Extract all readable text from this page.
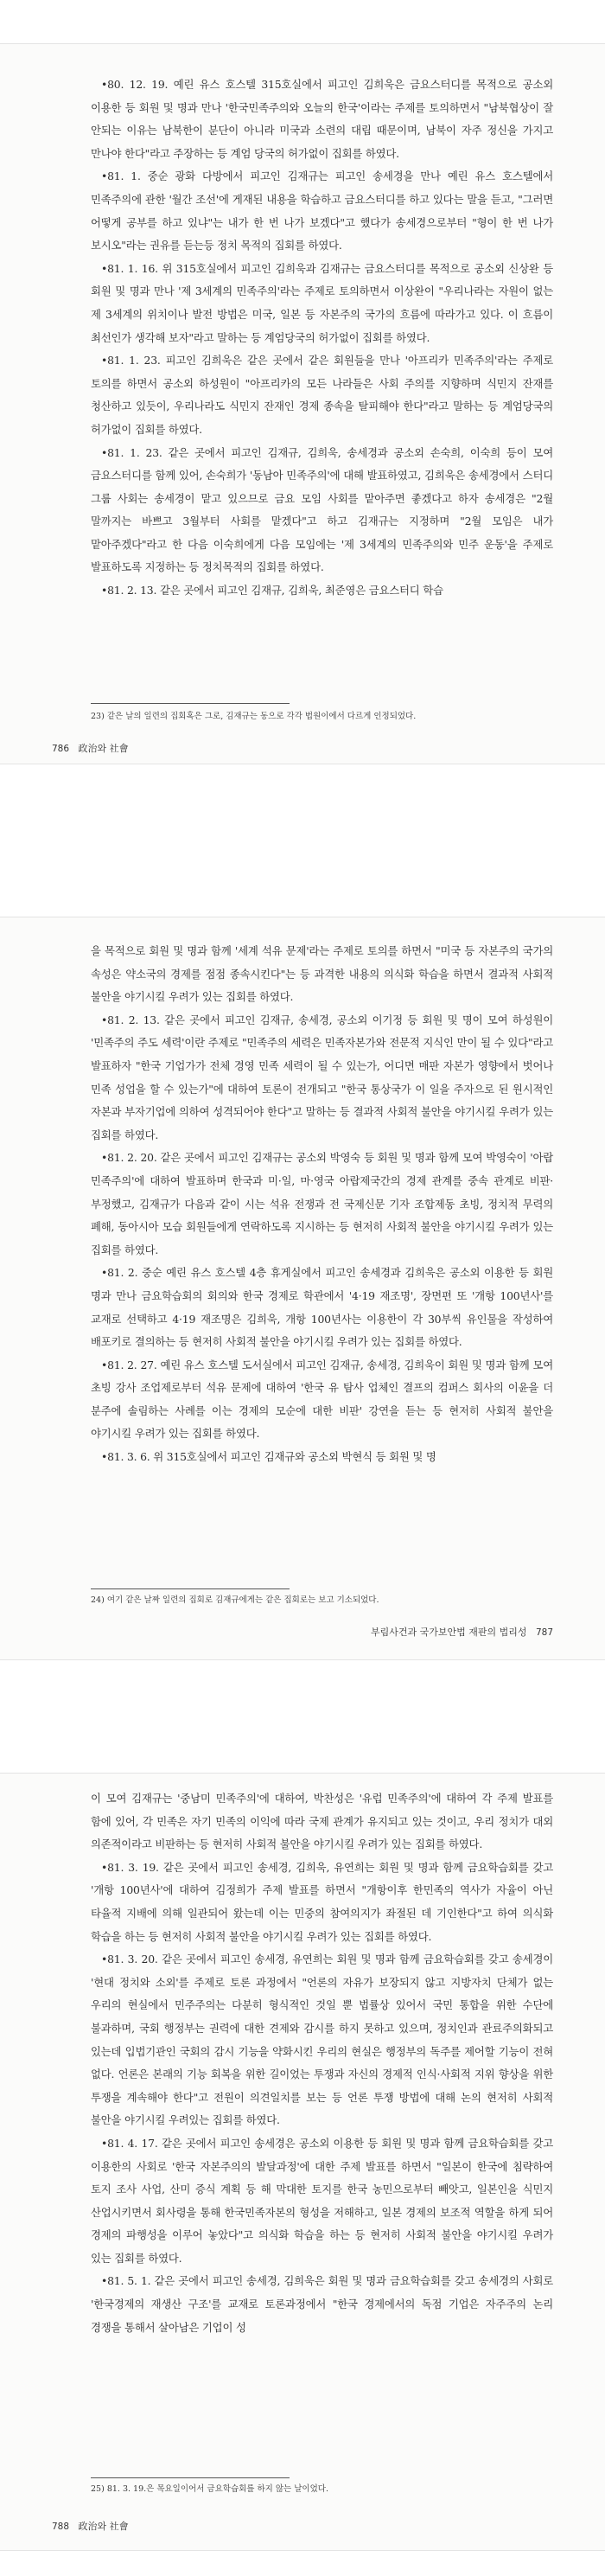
•80. 12. 19. 예린 유스 호스텔 315호실에서 피고인 김희욱은 금요스터디를 목적으로 공소외 이용한 등 회원 및 명과 만나 '한국민족주의와 오늘의 한국'이라는 주제를 토의하면서 "남북협상이 잘 안되는 이유는 남북한이 분단이 아니라 미국과 소련의 대립 때문이며, 남북이 자주 정신을 가지고 만나야 한다"라고 주장하는 등 계엄 당국의 허가없이 집회를 하였다.

•81. 1. 중순 광화 다방에서 피고인 김재규는 피고인 송세경을 만나 예린 유스 호스텔에서 민족주의에 관한 '월간 조선'에 게재된 내용을 학습하고 금요스터디를 하고 있다는 말을 듣고, "그러면 어떻게 공부를 하고 있냐"는 내가 한 번 나가 보겠다"고 했다가 송세경으로부터 "형이 한 번 나가 보시오"라는 권유를 듣는등 정치 목적의 집회를 하였다.

•81. 1. 16. 위 315호실에서 피고인 김희욱과 김재규는 금요스터디를 목적으로 공소외 신상완 등 회원 및 명과 만나 '제 3세계의 민족주의'라는 주제로 토의하면서 이상완이 "우리나라는 자원이 없는 제 3세계의 위치이나 발전 방법은 미국, 일본 등 자본주의 국가의 흐름에 따라가고 있다. 이 흐름이 최선인가 생각해 보자"라고 말하는 등 계엄당국의 허가없이 집회를 하였다.

•81. 1. 23. 피고인 김희욱은 같은 곳에서 같은 회원들을 만나 '아프리카 민족주의'라는 주제로 토의를 하면서 공소외 하성원이 "아프리카의 모든 나라들은 사회 주의를 지향하며 식민지 잔재를 청산하고 있듯이, 우리나라도 식민지 잔재인 경제 종속을 탈피해야 한다"라고 말하는 등 계엄당국의 허가없이 집회를 하였다.

•81. 1. 23. 같은 곳에서 피고인 김재규, 김희욱, 송세경과 공소외 손숙희, 이숙희 등이 모여 금요스터디를 함께 있어, 손숙희가 '동남아 민족주의'에 대해 발표하였고, 김희욱은 송세경에서 스터디 그룹 사회는 송세경이 맡고 있으므로 금요 모임 사회를 맡아주면 좋겠다고 하자 송세경은 "2월 말까지는 바쁘고 3월부터 사회를 맡겠다"고 하고 김재규는 지정하며 "2월 모임은 내가 맡아주겠다"라고 한 다음 이숙희에게 다음 모임에는 '제 3세계의 민족주의와 민주 운동'을 주제로 발표하도록 지정하는 등 정치목적의 집회를 하였다.

•81. 2. 13. 같은 곳에서 피고인 김재규, 김희욱, 최준영은 금요스터디 학습

23) 같은 날의 일련의 집회혹은 그로, 김재규는 동으로 각각 법원이에서 다르게 인정되었다.

786 政治와 社會

을 목적으로 회원 및 명과 함께 '세계 석유 문제'라는 주제로 토의를 하면서 "미국 등 자본주의 국가의 속성은 약소국의 경제를 점점 종속시킨다"는 등 과격한 내용의 의식화 학습을 하면서 결과적 사회적 불안을 야기시킬 우려가 있는 집회를 하였다.

•81. 2. 13. 같은 곳에서 피고인 김재규, 송세경, 공소외 이기정 등 회원 및 명이 모여 하성원이 '민족주의 주도 세력'이란 주제로 "민족주의 세력은 민족자본가와 전문적 지식인 만이 될 수 있다"라고 발표하자 "한국 기업가가 전체 경영 민족 세력이 될 수 있는가, 어디면 매판 자본가 영향에서 벗어나 민족 성업을 할 수 있는가"에 대하여 토론이 전개되고 "한국 통상국가 이 일을 주자으로 된 원시적인 자본과 부자기업에 의하여 성격되어야 한다"고 말하는 등 결과적 사회적 불안을 야기시킬 우려가 있는 집회를 하였다.

•81. 2. 20. 같은 곳에서 피고인 김재규는 공소외 박영숙 등 회원 및 명과 함께 모여 박영숙이 '아랍 민족주의'에 대하여 발표하며 한국과 미·일, 마·영국 아랍제국간의 경제 관계를 중속 관계로 비판·부정했고, 김재규가 다음과 같이 시는 석유 전쟁과 전 국제신문 기자 조합제동 초빙, 정치적 무력의 폐해, 동아시아 모습 회원들에게 연락하도록 지시하는 등 현저히 사회적 불안을 야기시킬 우려가 있는 집회를 하였다.

•81. 2. 중순 예린 유스 호스텔 4층 휴게실에서 피고인 송세경과 김희욱은 공소외 이용한 등 회원 명과 만나 금요학습회의 회의와 한국 경제로 학관에서 '4·19 재조명', 장면편 또 '개항 100년사'를 교재로 선택하고 4·19 재조명은 김희욱, 개항 100년사는 이용한이 각 30부씩 유인물을 작성하여 배포키로 결의하는 등 현저히 사회적 불안을 야기시킬 우려가 있는 집회를 하였다.

•81. 2. 27. 예린 유스 호스텔 도서실에서 피고인 김재규, 송세경, 김희욱이 회원 및 명과 함께 모여 초빙 강사 조업제로부터 석유 문제에 대하여 '한국 유 탐사 업체인 결프의 컴퍼스 회사의 이윤을 더 분주에 솔림하는 사례를 이는 경제의 모순에 대한 비판' 강연을 듣는 등 현저히 사회적 불안을 야기시킬 우려가 있는 집회를 하였다.

•81. 3. 6. 위 315호실에서 피고인 김재규와 공소외 박현식 등 회원 및 명

24) 여기 같은 날짜 일련의 집회로 김재규에게는 같은 집회로는 보고 기소되었다.

부림사건과 국가보안법 재판의 법리성 787

이 모여 김재규는 '중남미 민족주의'에 대하여, 박찬성은 '유럽 민족주의'에 대하여 각 주제 발표를 함에 있어, 각 민족은 자기 민족의 이익에 따라 국제 관계가 유지되고 있는 것이고, 우리 정치가 대외 의존적이라고 비판하는 등 현저히 사회적 불안을 야기시킬 우려가 있는 집회를 하였다.

•81. 3. 19. 같은 곳에서 피고인 송세경, 김희욱, 유연희는 회원 및 명과 함께 금요학습회를 갖고 '개항 100년사'에 대하여 김정희가 주제 발표를 하면서 "개항이후 한민족의 역사가 자율이 아닌 타율적 지배에 의해 일관되어 왔는데 이는 민중의 참여의지가 좌절된 데 기인한다"고 하여 의식화 학습을 하는 등 현저히 사회적 불안을 야기시킬 우려가 있는 집회를 하였다.

•81. 3. 20. 같은 곳에서 피고인 송세경, 유연희는 회원 및 명과 함께 금요학습회를 갖고 송세경이 '현대 정치와 소외'를 주제로 토론 과정에서 "언론의 자유가 보장되지 않고 지방자치 단체가 없는 우리의 현실에서 민주주의는 다분히 형식적인 것일 뿐 법률상 있어서 국민 통합을 위한 수단에 불과하며, 국회 행정부는 권력에 대한 견제와 감시를 하지 못하고 있으며, 정치인과 관료주의화되고 있는데 입법기관인 국회의 감시 기능을 약화시킨 우리의 현실은 행정부의 독주를 제어할 기능이 전혀 없다. 언론은 본래의 기능 회복을 위한 길이었는 투쟁과 자신의 경제적 인식·사회적 지위 향상을 위한 투쟁을 계속해야 한다"고 전원이 의견일치를 보는 등 언론 투쟁 방법에 대해 논의 현저히 사회적 불안을 야기시킬 우려있는 집회를 하였다.

•81. 4. 17. 같은 곳에서 피고인 송세경은 공소외 이용한 등 회원 및 명과 함께 금요학습회를 갖고 이용한의 사회로 '한국 자본주의의 발달과정'에 대한 주제 발표를 하면서 "일본이 한국에 침략하여 토지 조사 사업, 산미 증식 계획 등 해 막대한 토지를 한국 농민으로부터 빼앗고, 일본인을 식민지 산업시키면서 회사령을 통해 한국민족자본의 형성을 저해하고, 일본 경제의 보조적 역할을 하게 되어 경제의 파행성을 이루어 놓았다"고 의식화 학습을 하는 등 현저히 사회적 불안을 야기시킬 우려가 있는 집회를 하였다.

•81. 5. 1. 같은 곳에서 피고인 송세경, 김희욱은 회원 및 명과 금요학습회를 갖고 송세경의 사회로 '한국경제의 재생산 구조'를 교재로 토론과정에서 "한국 경제에서의 독점 기업은 자주주의 논리 경쟁을 통해서 살아남은 기업이 성

25) 81. 3. 19.은 목요일이어서 금요학습회를 하지 않는 날이었다.

788 政治와 社會
